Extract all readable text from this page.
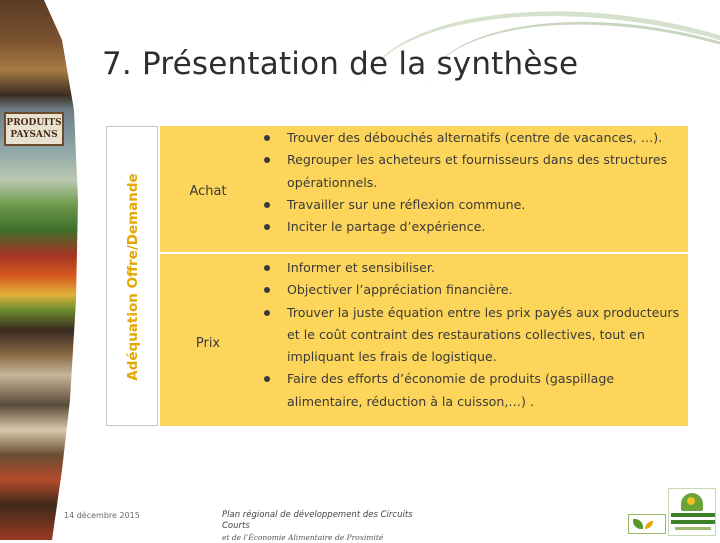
PRODUITS PAYSANS
7. Présentation de la synthèse
Adéquation Offre/Demande	Achat
Trouver des débouchés alternatifs (centre de vacances, …).
Regrouper les acheteurs et fournisseurs dans des structures opérationnels.
Travailler sur une réflexion commune.
Inciter le partage d’expérience.
Prix
Informer et sensibiliser.
Objectiver l’appréciation financière.
Trouver la juste équation entre les prix payés aux producteurs et le coût contraint des restaurations collectives, tout en impliquant les frais de logistique.
Faire des efforts d’économie de produits (gaspillage alimentaire, réduction à la cuisson,…) .
14 décembre 2015	Plan régional de développement des Circuits Courts
et de l’Économie Alimentaire de Proximité
